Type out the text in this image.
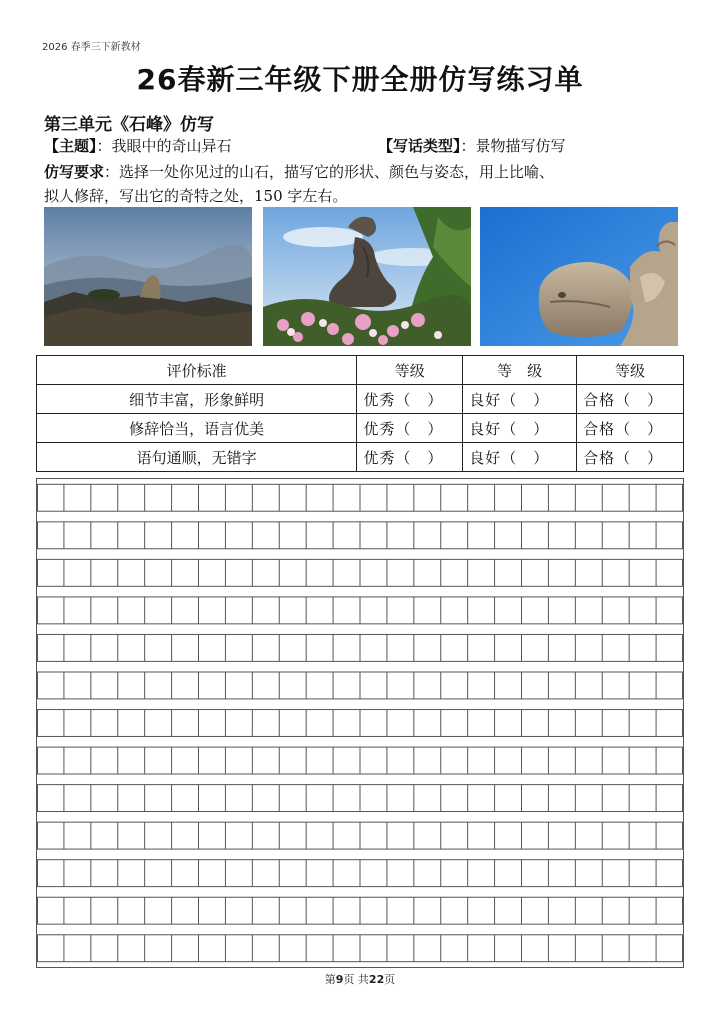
2026 春季三下新教材
26春新三年级下册全册仿写练习单
第三单元《石峰》仿写
【主题】：我眼中的奇山异石	【写话类型】：景物描写仿写
仿写要求：选择一处你见过的山石，描写它的形状、颜色与姿态，用上比喻、
拟人修辞，写出它的奇特之处，150 字左右。
评价标准	等级	等　级	等级
细节丰富，形象鲜明	优秀（　）	良好（　）	合格（　）
修辞恰当，语言优美	优秀（　）	良好（　）	合格（　）
语句通顺，无错字	优秀（　）	良好（　）	合格（　）
第9页 共22页
